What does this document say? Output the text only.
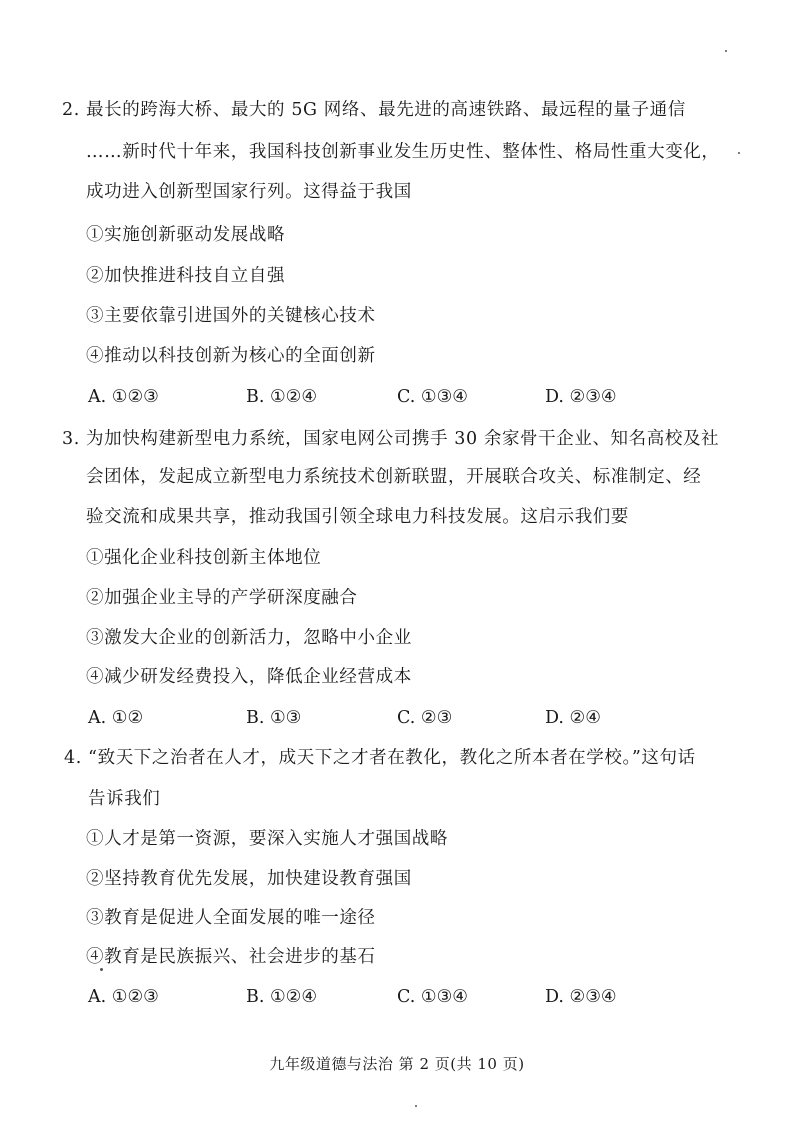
2. 最长的跨海大桥、最大的 5G 网络、最先进的高速铁路、最远程的量子通信
……新时代十年来，我国科技创新事业发生历史性、整体性、格局性重大变化，
成功进入创新型国家行列。这得益于我国
①实施创新驱动发展战略
②加快推进科技自立自强
③主要依靠引进国外的关键核心技术
④推动以科技创新为核心的全面创新
A. ①②③	B. ①②④	C. ①③④	D. ②③④
3. 为加快构建新型电力系统，国家电网公司携手 30 余家骨干企业、知名高校及社
会团体，发起成立新型电力系统技术创新联盟，开展联合攻关、标准制定、经
验交流和成果共享，推动我国引领全球电力科技发展。这启示我们要
①强化企业科技创新主体地位
②加强企业主导的产学研深度融合
③激发大企业的创新活力，忽略中小企业
④减少研发经费投入，降低企业经营成本
A. ①②	B. ①③	C. ②③	D. ②④
4. “致天下之治者在人才，成天下之才者在教化，教化之所本者在学校。”这句话
告诉我们
①人才是第一资源，要深入实施人才强国战略
②坚持教育优先发展，加快建设教育强国
③教育是促进人全面发展的唯一途径
④教育是民族振兴、社会进步的基石
A. ①②③	B. ①②④	C. ①③④	D. ②③④
九年级道德与法治 第 2 页(共 10 页)
